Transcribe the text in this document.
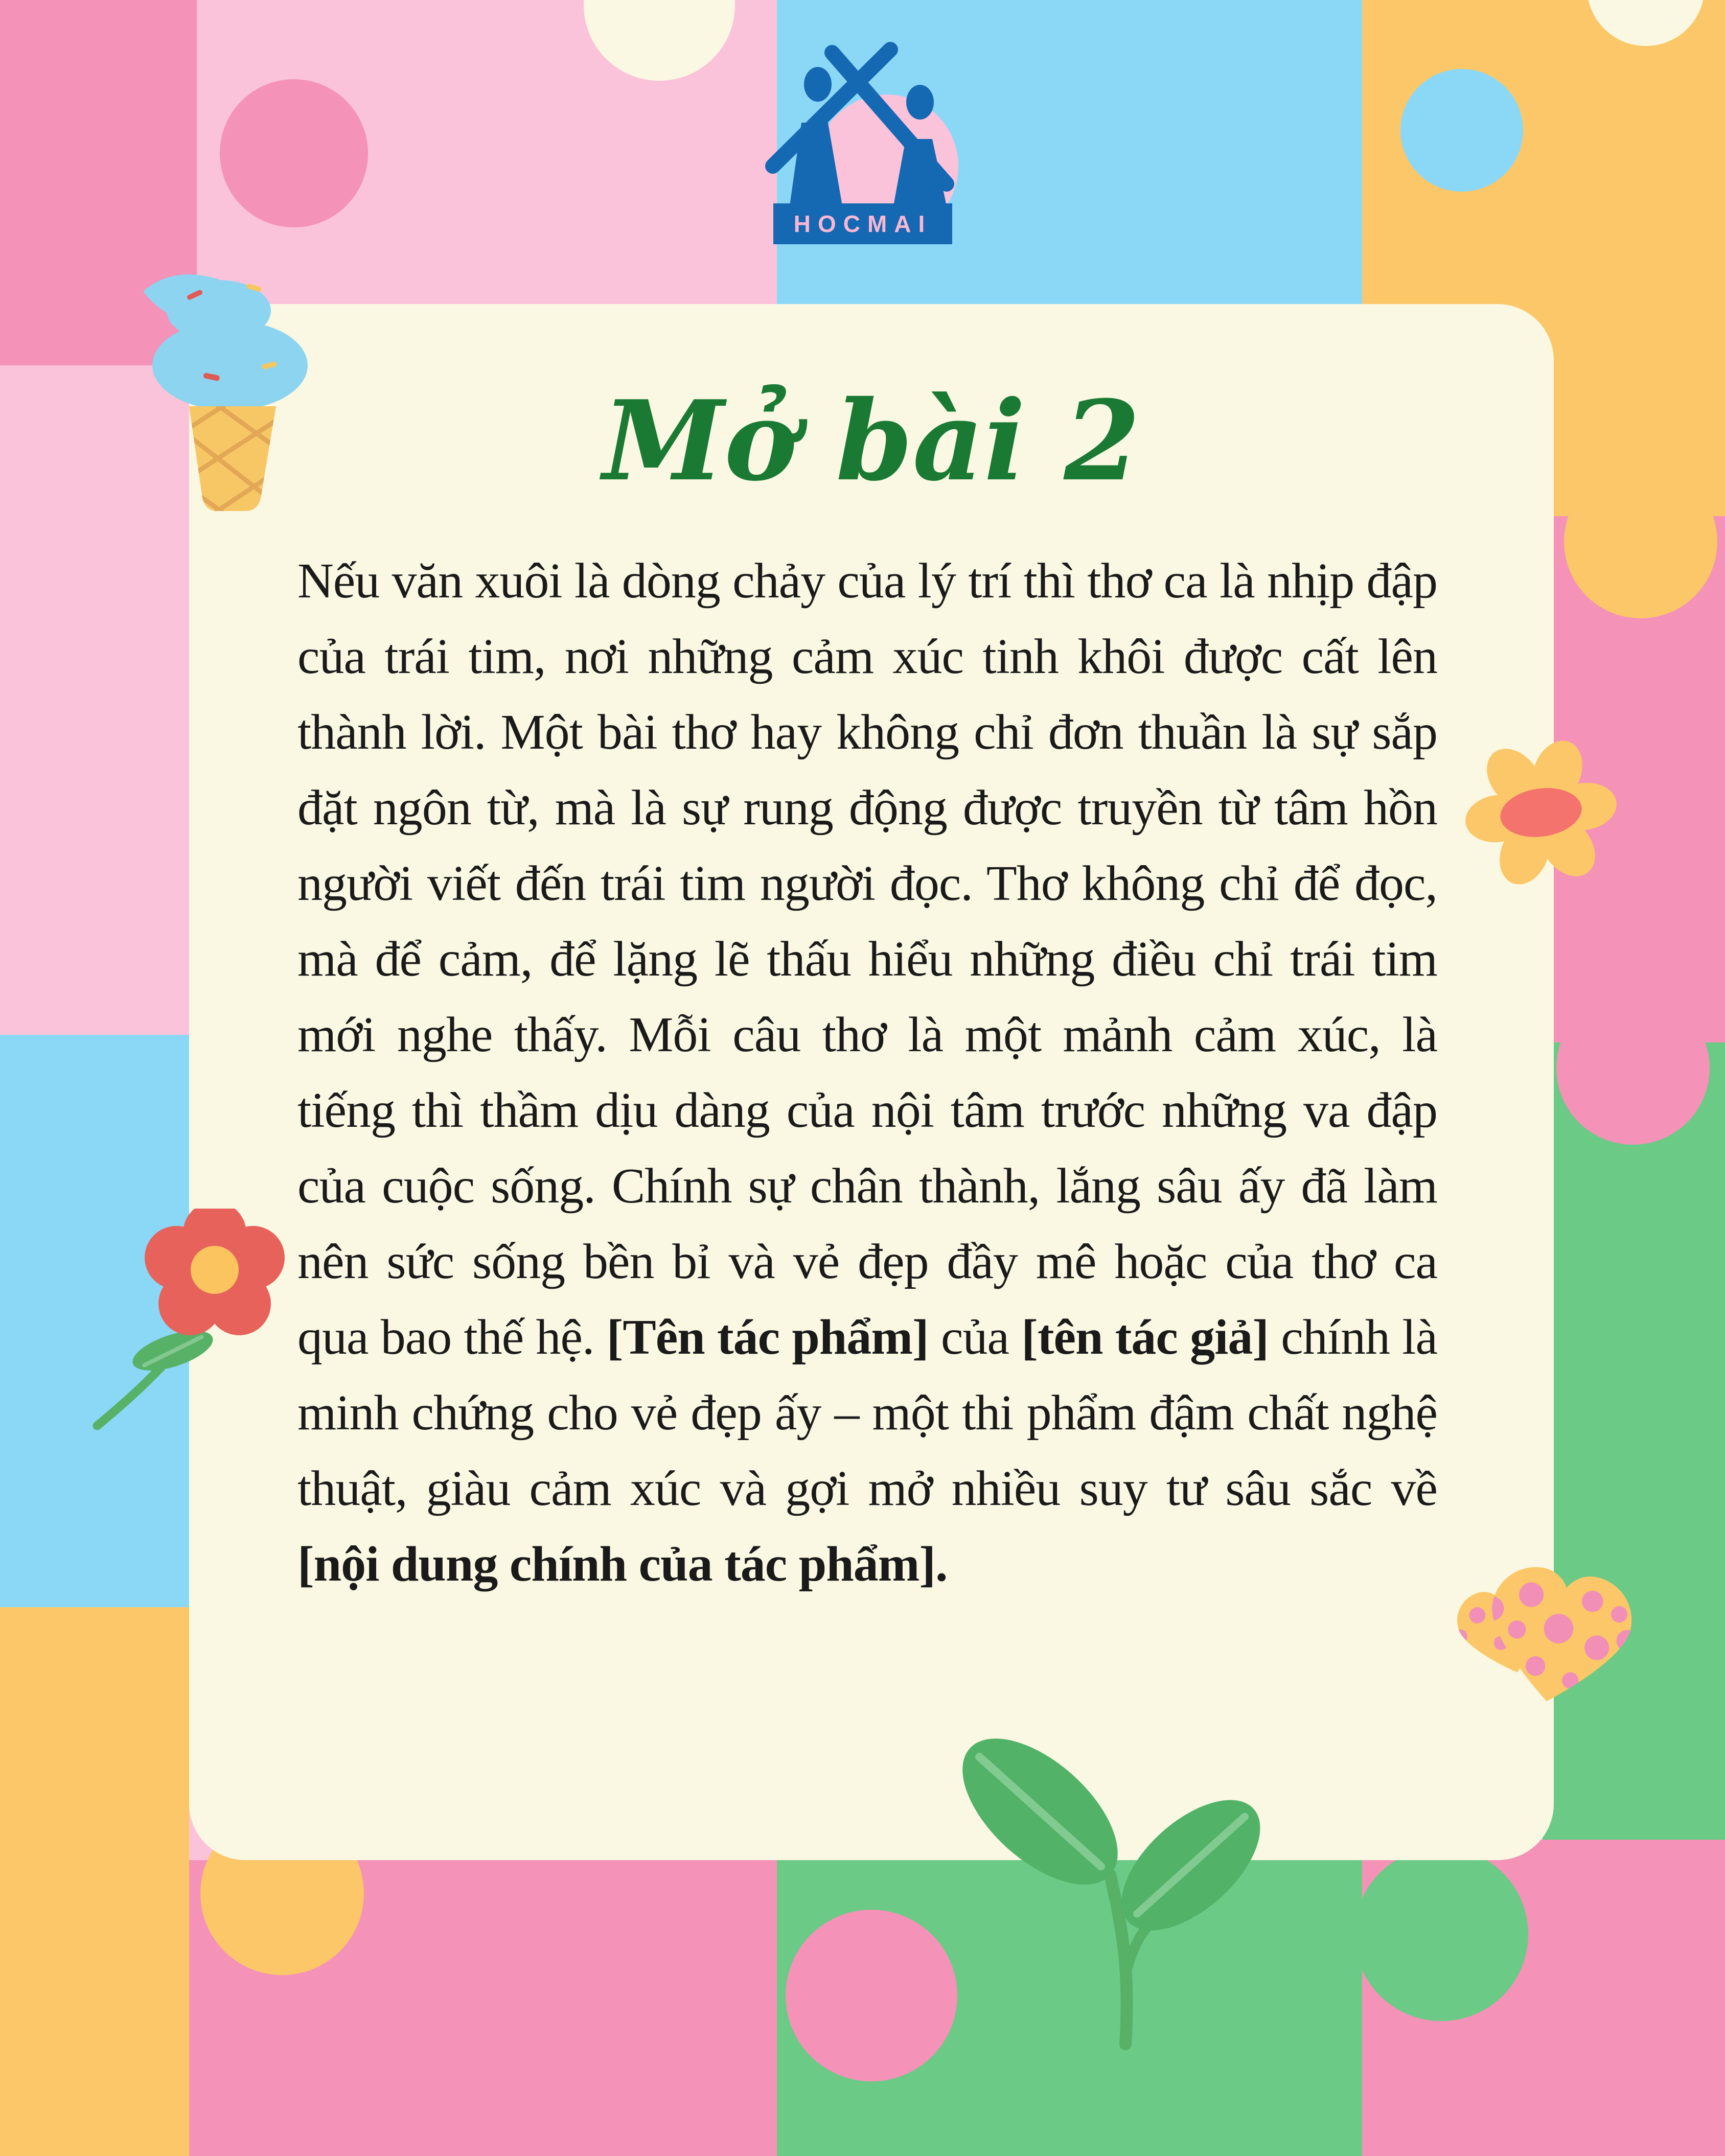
HOCMAI
Mở bài 2

Nếu văn xuôi là dòng chảy của lý trí thì thơ ca là nhịp đập của trái tim, nơi những cảm xúc tinh khôi được cất lên thành lời. Một bài thơ hay không chỉ đơn thuần là sự sắp đặt ngôn từ, mà là sự rung động được truyền từ tâm hồn người viết đến trái tim người đọc. Thơ không chỉ để đọc, mà để cảm, để lặng lẽ thấu hiểu những điều chỉ trái tim mới nghe thấy. Mỗi câu thơ là một mảnh cảm xúc, là tiếng thì thầm dịu dàng của nội tâm trước những va đập của cuộc sống. Chính sự chân thành, lắng sâu ấy đã làm nên sức sống bền bỉ và vẻ đẹp đầy mê hoặc của thơ ca qua bao thế hệ. [Tên tác phẩm] của [tên tác giả] chính là minh chứng cho vẻ đẹp ấy – một thi phẩm đậm chất nghệ thuật, giàu cảm xúc và gợi mở nhiều suy tư sâu sắc về [nội dung chính của tác phẩm].
